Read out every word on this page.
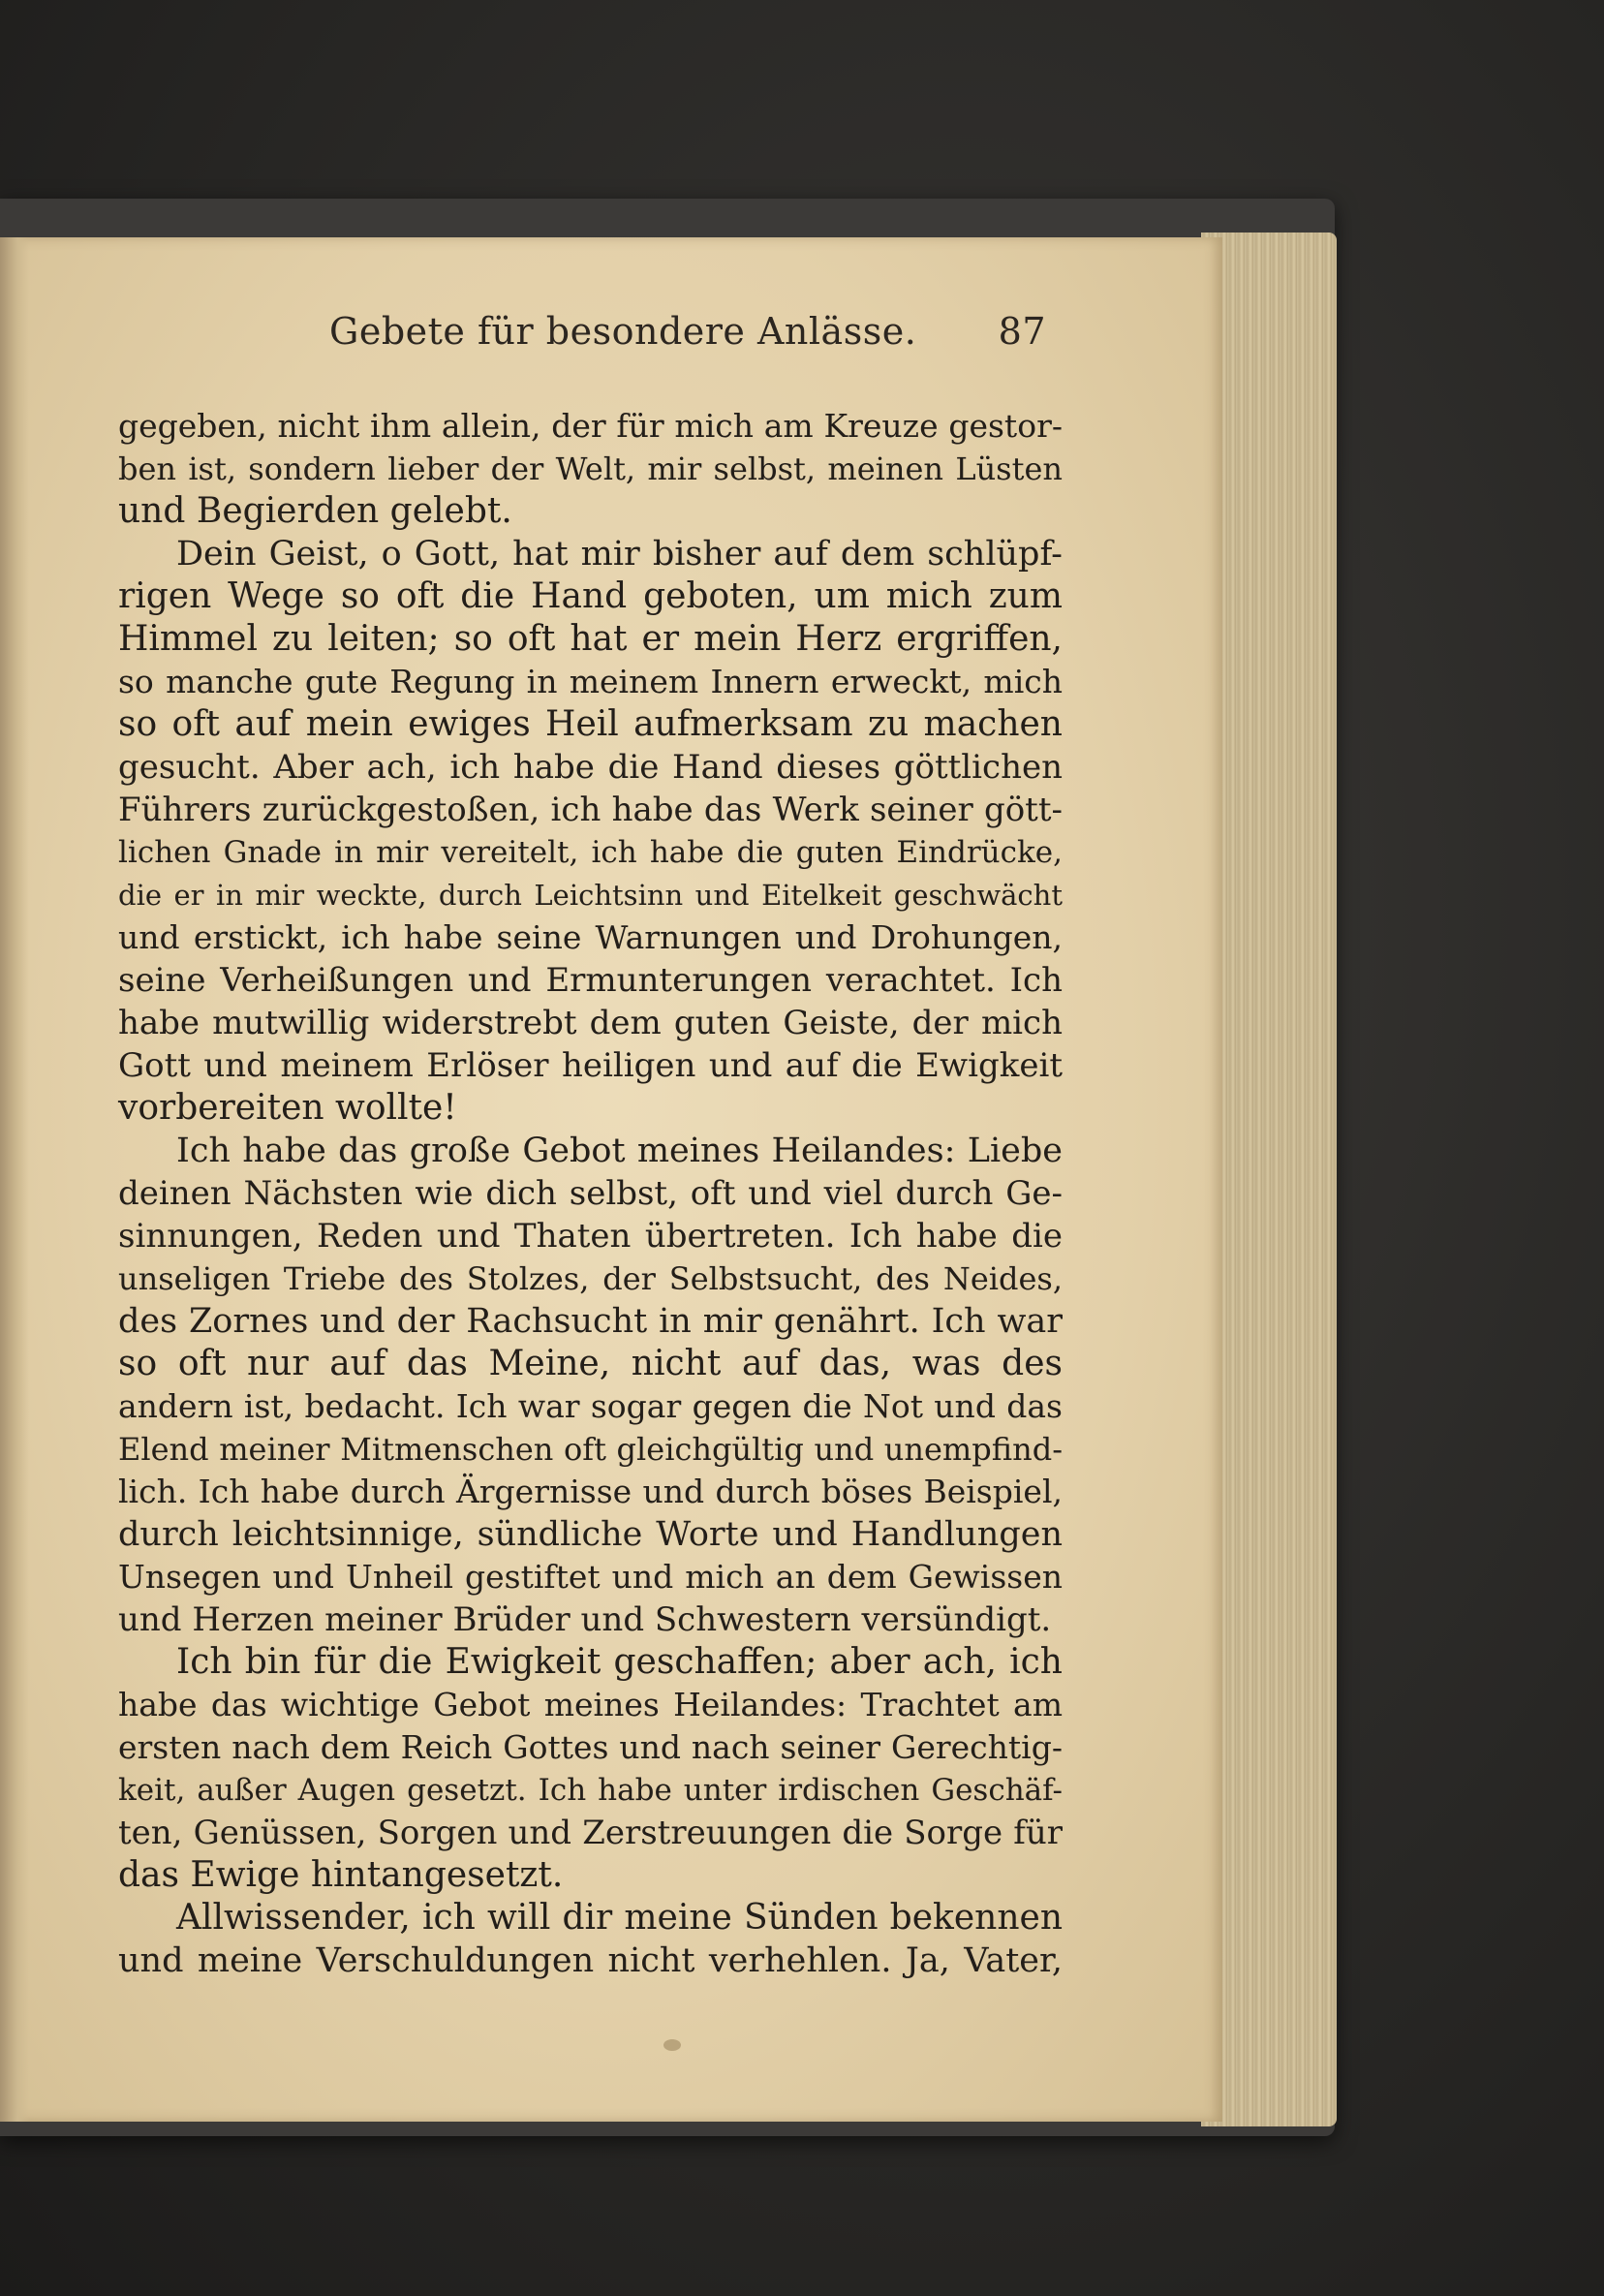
Gebete für besondere Anlässe. 87
gegeben, nicht ihm allein, der für mich am Kreuze gestor-
ben ist, sondern lieber der Welt, mir selbst, meinen Lüsten
und Begierden gelebt.
Dein Geist, o Gott, hat mir bisher auf dem schlüpf-
rigen Wege so oft die Hand geboten, um mich zum
Himmel zu leiten; so oft hat er mein Herz ergriffen,
so manche gute Regung in meinem Innern erweckt, mich
so oft auf mein ewiges Heil aufmerksam zu machen
gesucht. Aber ach, ich habe die Hand dieses göttlichen
Führers zurückgestoßen, ich habe das Werk seiner gött-
lichen Gnade in mir vereitelt, ich habe die guten Eindrücke,
die er in mir weckte, durch Leichtsinn und Eitelkeit geschwächt
und erstickt, ich habe seine Warnungen und Drohungen,
seine Verheißungen und Ermunterungen verachtet. Ich
habe mutwillig widerstrebt dem guten Geiste, der mich
Gott und meinem Erlöser heiligen und auf die Ewigkeit
vorbereiten wollte!
Ich habe das große Gebot meines Heilandes: Liebe
deinen Nächsten wie dich selbst, oft und viel durch Ge-
sinnungen, Reden und Thaten übertreten. Ich habe die
unseligen Triebe des Stolzes, der Selbstsucht, des Neides,
des Zornes und der Rachsucht in mir genährt. Ich war
so oft nur auf das Meine, nicht auf das, was des
andern ist, bedacht. Ich war sogar gegen die Not und das
Elend meiner Mitmenschen oft gleichgültig und unempfind-
lich. Ich habe durch Ärgernisse und durch böses Beispiel,
durch leichtsinnige, sündliche Worte und Handlungen
Unsegen und Unheil gestiftet und mich an dem Gewissen
und Herzen meiner Brüder und Schwestern versündigt.
Ich bin für die Ewigkeit geschaffen; aber ach, ich
habe das wichtige Gebot meines Heilandes: Trachtet am
ersten nach dem Reich Gottes und nach seiner Gerechtig-
keit, außer Augen gesetzt. Ich habe unter irdischen Geschäf-
ten, Genüssen, Sorgen und Zerstreuungen die Sorge für
das Ewige hintangesetzt.
Allwissender, ich will dir meine Sünden bekennen
und meine Verschuldungen nicht verhehlen. Ja, Vater,
